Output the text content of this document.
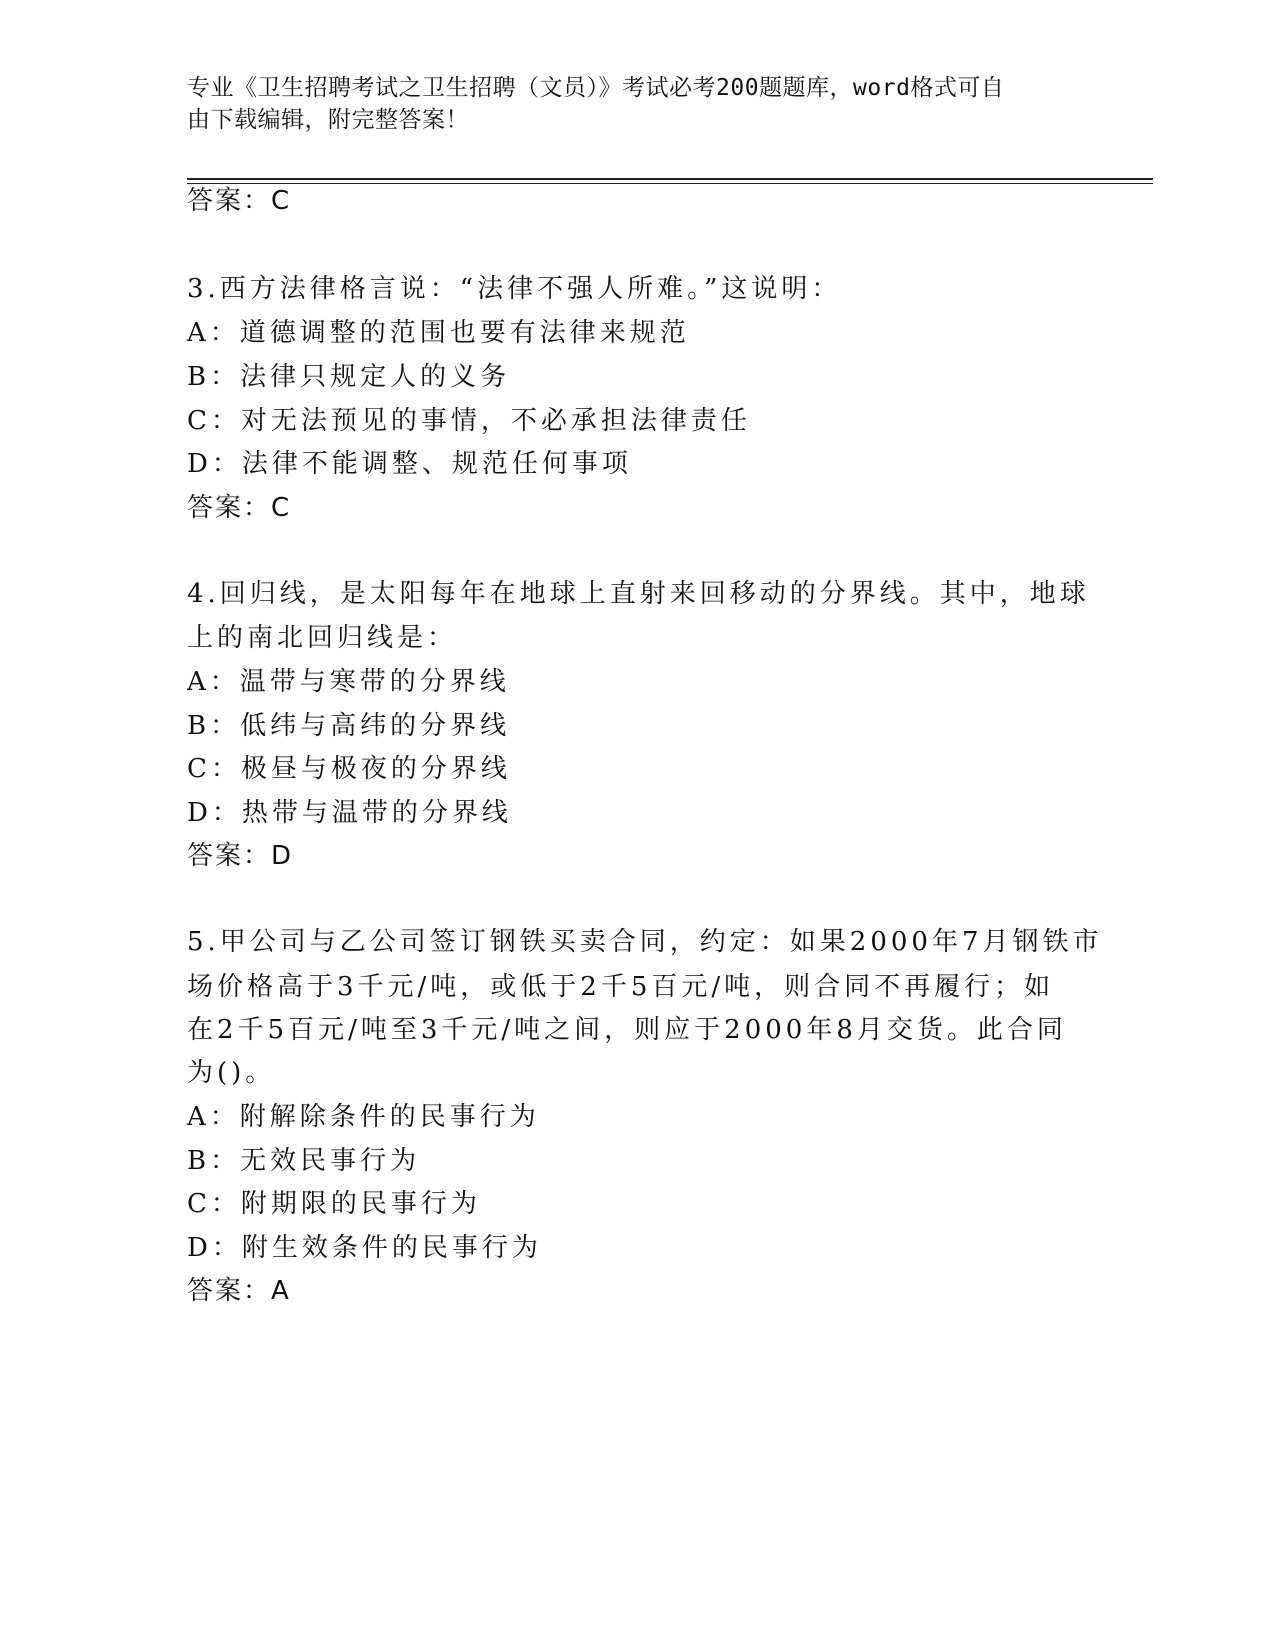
专业《卫生招聘考试之卫生招聘（文员）》考试必考200题题库，word格式可自
由下载编辑，附完整答案！
答案：C
3.西方法律格言说：“法律不强人所难。”这说明：
A：道德调整的范围也要有法律来规范
B：法律只规定人的义务
C：对无法预见的事情，不必承担法律责任
D：法律不能调整、规范任何事项
答案：C
4.回归线，是太阳每年在地球上直射来回移动的分界线。其中，地球
上的南北回归线是：
A：温带与寒带的分界线
B：低纬与高纬的分界线
C：极昼与极夜的分界线
D：热带与温带的分界线
答案：D
5.甲公司与乙公司签订钢铁买卖合同，约定：如果2000年7月钢铁市
场价格高于3千元/吨，或低于2千5百元/吨，则合同不再履行；如
在2千5百元/吨至3千元/吨之间，则应于2000年8月交货。此合同
为()。
A：附解除条件的民事行为
B：无效民事行为
C：附期限的民事行为
D：附生效条件的民事行为
答案：A
